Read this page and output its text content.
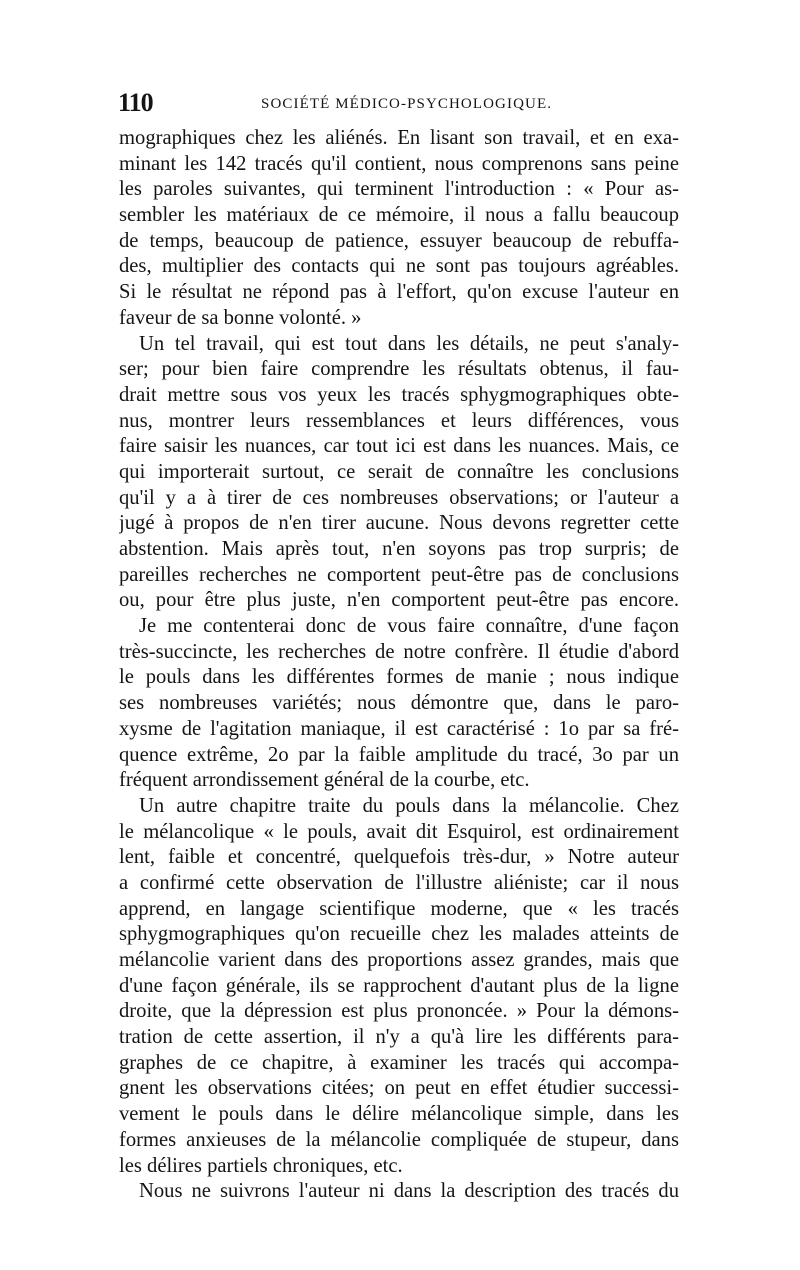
110	SOCIÉTÉ MÉDICO-PSYCHOLOGIQUE.
mographiques chez les aliénés. En lisant son travail, et en exa-
minant les 142 tracés qu'il contient, nous comprenons sans peine
les paroles suivantes, qui terminent l'introduction : « Pour as-
sembler les matériaux de ce mémoire, il nous a fallu beaucoup
de temps, beaucoup de patience, essuyer beaucoup de rebuffa-
des, multiplier des contacts qui ne sont pas toujours agréables.
Si le résultat ne répond pas à l'effort, qu'on excuse l'auteur en
faveur de sa bonne volonté. »
Un tel travail, qui est tout dans les détails, ne peut s'analy-
ser; pour bien faire comprendre les résultats obtenus, il fau-
drait mettre sous vos yeux les tracés sphygmographiques obte-
nus, montrer leurs ressemblances et leurs différences, vous
faire saisir les nuances, car tout ici est dans les nuances. Mais, ce
qui importerait surtout, ce serait de connaître les conclusions
qu'il y a à tirer de ces nombreuses observations; or l'auteur a
jugé à propos de n'en tirer aucune. Nous devons regretter cette
abstention. Mais après tout, n'en soyons pas trop surpris; de
pareilles recherches ne comportent peut-être pas de conclusions
ou, pour être plus juste, n'en comportent peut-être pas encore.
Je me contenterai donc de vous faire connaître, d'une façon
très-succincte, les recherches de notre confrère. Il étudie d'abord
le pouls dans les différentes formes de manie ; nous indique
ses nombreuses variétés; nous démontre que, dans le paro-
xysme de l'agitation maniaque, il est caractérisé : 1o par sa fré-
quence extrême, 2o par la faible amplitude du tracé, 3o par un
fréquent arrondissement général de la courbe, etc.
Un autre chapitre traite du pouls dans la mélancolie. Chez
le mélancolique « le pouls, avait dit Esquirol, est ordinairement
lent, faible et concentré, quelquefois très-dur, » Notre auteur
a confirmé cette observation de l'illustre aliéniste; car il nous
apprend, en langage scientifique moderne, que « les tracés
sphygmographiques qu'on recueille chez les malades atteints de
mélancolie varient dans des proportions assez grandes, mais que
d'une façon générale, ils se rapprochent d'autant plus de la ligne
droite, que la dépression est plus prononcée. » Pour la démons-
tration de cette assertion, il n'y a qu'à lire les différents para-
graphes de ce chapitre, à examiner les tracés qui accompa-
gnent les observations citées; on peut en effet étudier successi-
vement le pouls dans le délire mélancolique simple, dans les
formes anxieuses de la mélancolie compliquée de stupeur, dans
les délires partiels chroniques, etc.
Nous ne suivrons l'auteur ni dans la description des tracés du
